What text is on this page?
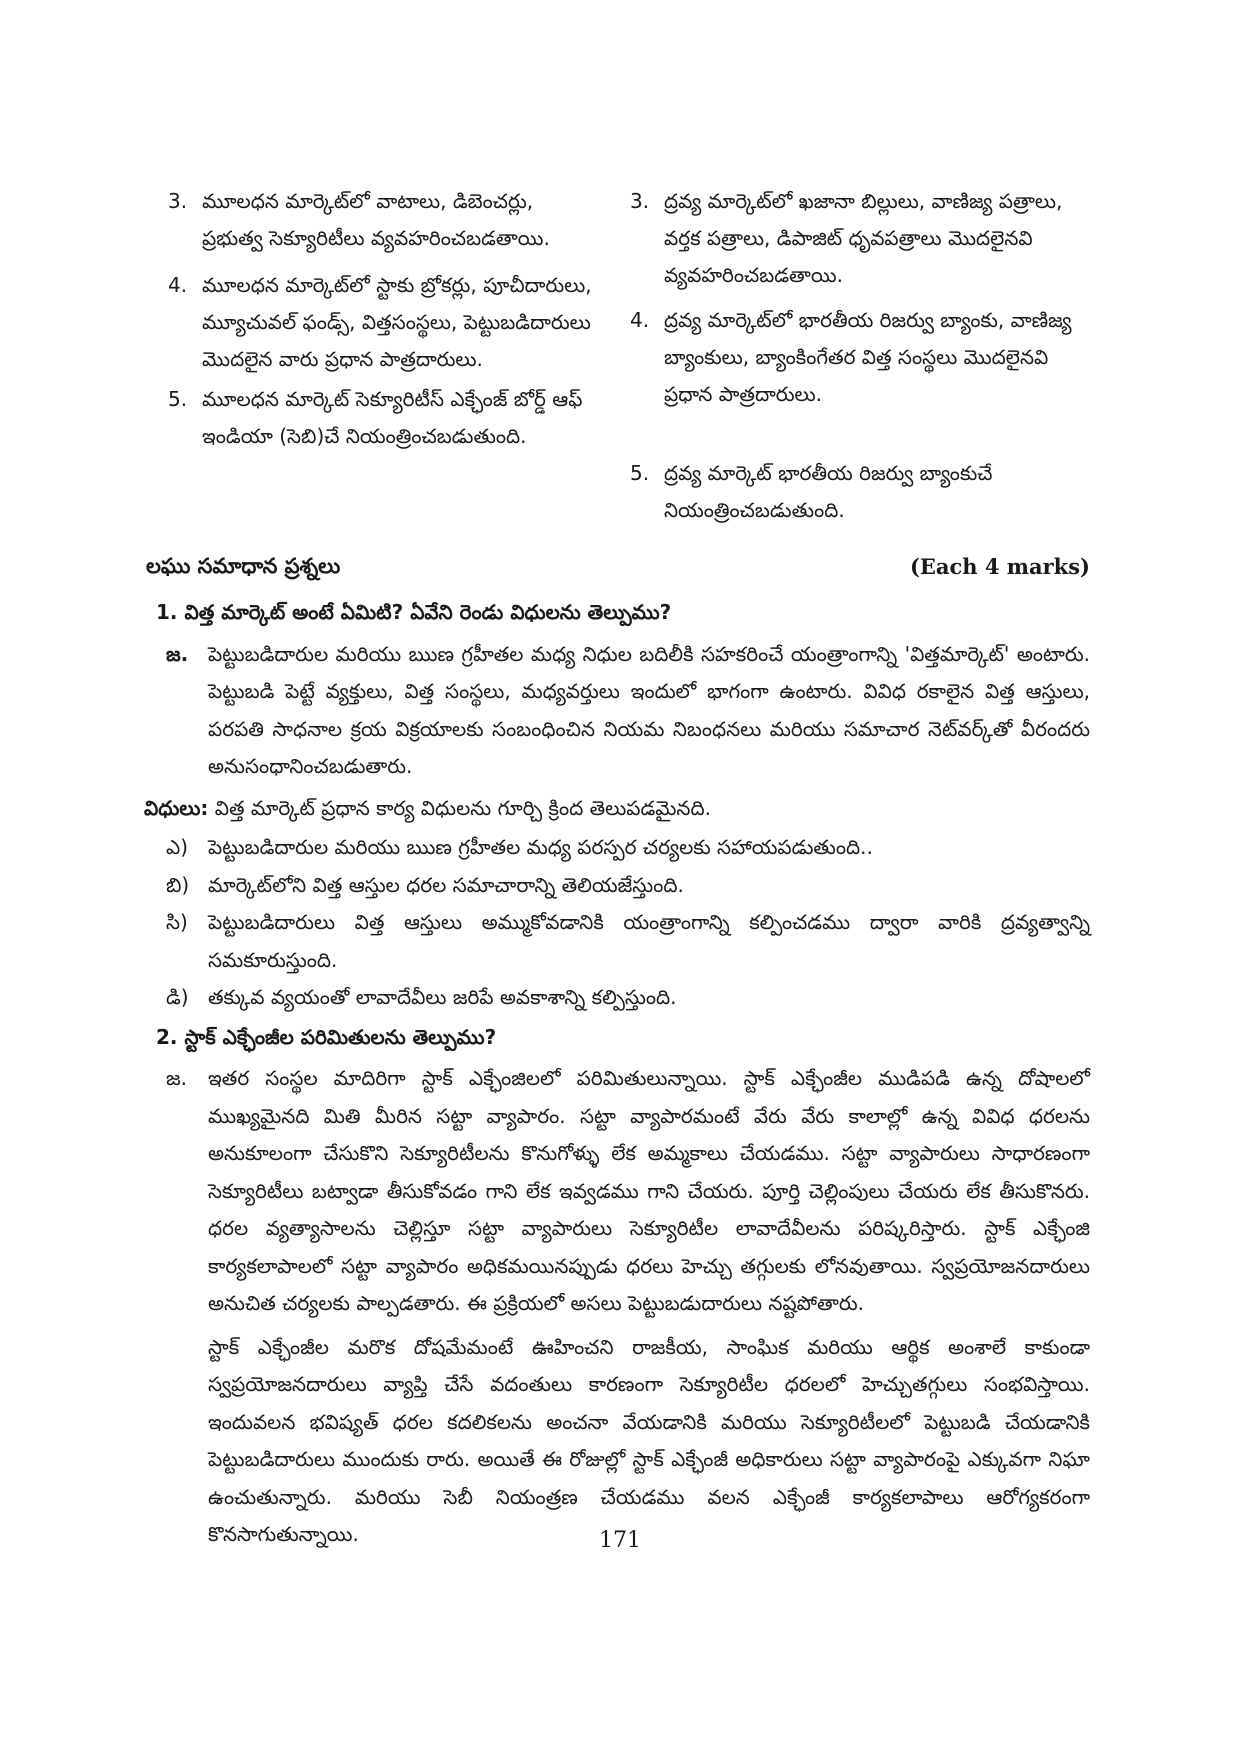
3. మూలధన మార్కెట్‌లో వాటాలు, డిబెంచర్లు, ప్రభుత్వ సెక్యూరిటీలు వ్యవహరించబడతాయి.
4. మూలధన మార్కెట్‌లో స్టాకు బ్రోకర్లు, పూచీదారులు, మ్యూచువల్ ఫండ్స్, విత్తసంస్థలు, పెట్టుబడిదారులు మొదలైన వారు ప్రధాన పాత్రదారులు.
5. మూలధన మార్కెట్ సెక్యూరిటీస్ ఎక్ఛేంజ్ బోర్డ్ ఆఫ్ ఇండియా (సెబి)చే నియంత్రించబడుతుంది.
3. ద్రవ్య మార్కెట్‌లో ఖజానా బిల్లులు, వాణిజ్య పత్రాలు, వర్తక పత్రాలు, డిపాజిట్ ధృవపత్రాలు మొదలైనవి వ్యవహరించబడతాయి.
4. ద్రవ్య మార్కెట్‌లో భారతీయ రిజర్వు బ్యాంకు, వాణిజ్య బ్యాంకులు, బ్యాంకింగేతర విత్త సంస్థలు మొదలైనవి ప్రధాన పాత్రదారులు.
5. ద్రవ్య మార్కెట్ భారతీయ రిజర్వు బ్యాంకుచే నియంత్రించబడుతుంది.
లఘు సమాధాన ప్రశ్నలు	(Each 4 marks)
1. విత్త మార్కెట్ అంటే ఏమిటి? ఏవేని రెండు విధులను తెల్పుము?
జ. పెట్టుబడిదారుల మరియు ఋణ గ్రహీతల మధ్య నిధుల బదిలీకి సహకరించే యంత్రాంగాన్ని 'విత్తమార్కెట్' అంటారు. పెట్టుబడి పెట్టే వ్యక్తులు, విత్త సంస్థలు, మధ్యవర్తులు ఇందులో భాగంగా ఉంటారు. వివిధ రకాలైన విత్త ఆస్తులు, పరపతి సాధనాల క్రయ విక్రయాలకు సంబంధించిన నియమ నిబంధనలు మరియు సమాచార నెట్‌వర్క్‌తో వీరందరు అనుసంధానించబడుతారు.
విధులు: విత్త మార్కెట్ ప్రధాన కార్య విధులను గూర్చి క్రింద తెలుపడమైనది.
ఎ) పెట్టుబడిదారుల మరియు ఋణ గ్రహీతల మధ్య పరస్పర చర్యలకు సహాయపడుతుంది..
బి) మార్కెట్‌లోని విత్త ఆస్తుల ధరల సమాచారాన్ని తెలియజేస్తుంది.
సి)	పెట్టుబడిదారులు విత్త ఆస్తులు అమ్ముకోవడానికి యంత్రాంగాన్ని కల్పించడము ద్వారా వారికి ద్రవ్యత్వాన్ని సమకూరుస్తుంది.
డి) తక్కువ వ్యయంతో లావాదేవీలు జరిపే అవకాశాన్ని కల్పిస్తుంది.
2. స్టాక్ ఎక్ఛేంజీల పరిమితులను తెల్పుము?
జ.	ఇతర సంస్థల మాదిరిగా స్టాక్ ఎక్ఛేంజిలలో పరిమితులున్నాయి. స్టాక్ ఎక్ఛేంజీల ముడిపడి ఉన్న దోషాలలో ముఖ్యమైనది మితి మీరిన సట్టా వ్యాపారం. సట్టా వ్యాపారమంటే వేరు వేరు కాలాల్లో ఉన్న వివిధ ధరలను అనుకూలంగా చేసుకొని సెక్యూరిటీలను కొనుగోళ్ళు లేక అమ్మకాలు చేయడము. సట్టా వ్యాపారులు సాధారణంగా సెక్యూరిటీలు బట్వాడా తీసుకోవడం గాని లేక ఇవ్వడము గాని చేయరు. పూర్తి చెల్లింపులు చేయరు లేక తీసుకొనరు. ధరల వ్యత్యాసాలను చెల్లిస్తూ సట్టా వ్యాపారులు సెక్యూరిటీల లావాదేవీలను పరిష్కరిస్తారు. స్టాక్ ఎక్ఛేంజి కార్యకలాపాలలో సట్టా వ్యాపారం అధికమయినప్పుడు ధరలు హెచ్చు తగ్గులకు లోనవుతాయి. స్వప్రయోజనదారులు అనుచిత చర్యలకు పాల్పడతారు. ఈ ప్రక్రియలో అసలు పెట్టుబడుదారులు నష్టపోతారు.
స్టాక్ ఎక్ఛేంజీల మరొక దోషమేమంటే ఊహించని రాజకీయ, సాంఘిక మరియు ఆర్థిక అంశాలే కాకుండా స్వప్రయోజనదారులు వ్యాప్తి చేసే వదంతులు కారణంగా సెక్యూరిటీల ధరలలో హెచ్చుతగ్గులు సంభవిస్తాయి. ఇందువలన భవిష్యత్ ధరల కదలికలను అంచనా వేయడానికి మరియు సెక్యూరిటీలలో పెట్టుబడి చేయడానికి పెట్టుబడిదారులు ముందుకు రారు. అయితే ఈ రోజుల్లో స్టాక్ ఎక్ఛేంజీ అధికారులు సట్టా వ్యాపారంపై ఎక్కువగా నిఘా ఉంచుతున్నారు. మరియు సెబీ నియంత్రణ చేయడము వలన ఎక్ఛేంజీ కార్యకలాపాలు ఆరోగ్యకరంగా కొనసాగుతున్నాయి.	171
